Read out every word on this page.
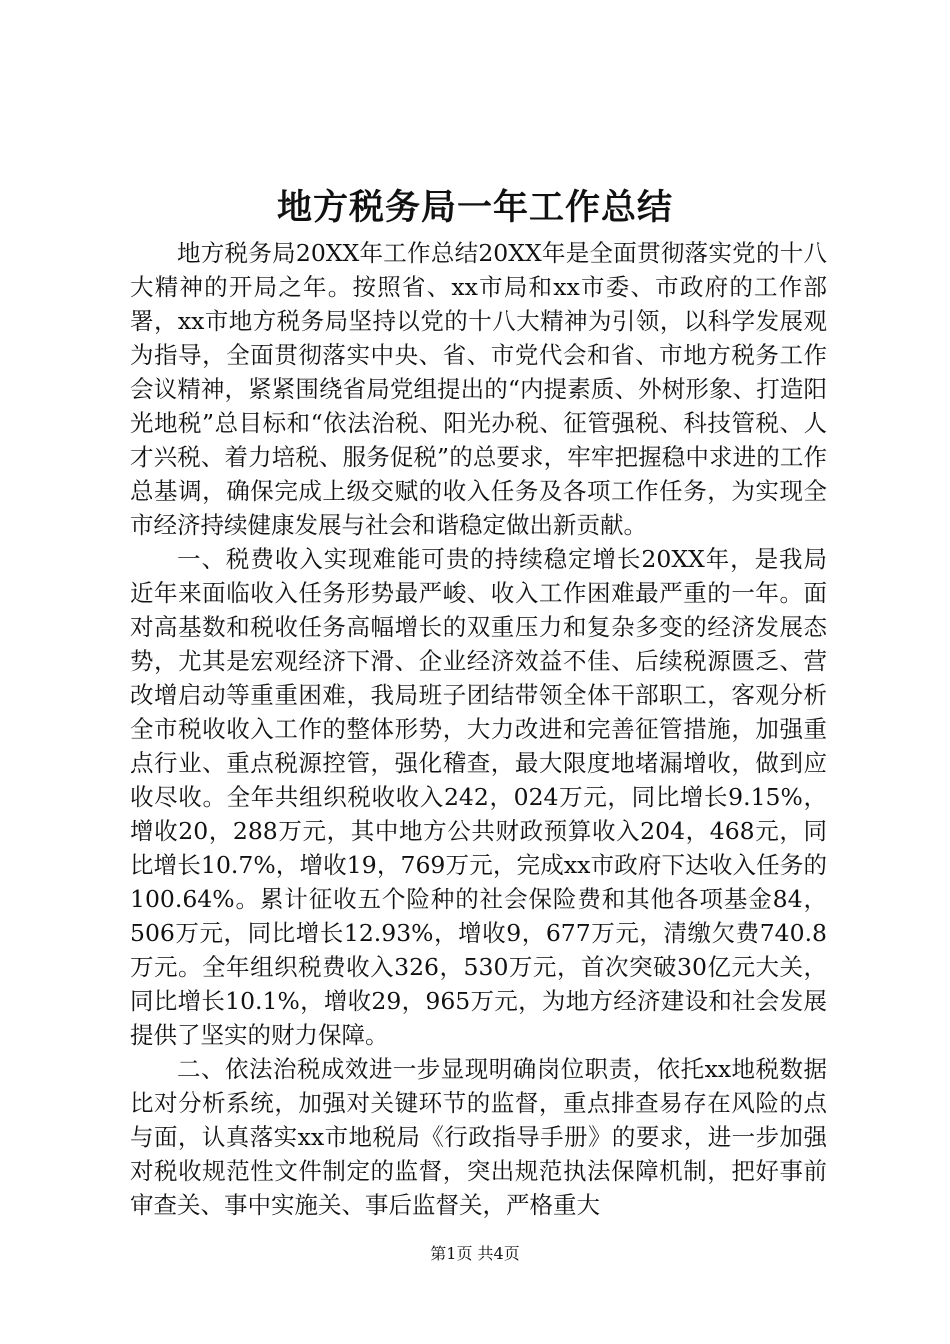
地方税务局一年工作总结

地方税务局20XX年工作总结20XX年是全面贯彻落实党的十八大精神的开局之年。按照省、xx市局和xx市委、市政府的工作部署，xx市地方税务局坚持以党的十八大精神为引领，以科学发展观为指导，全面贯彻落实中央、省、市党代会和省、市地方税务工作会议精神，紧紧围绕省局党组提出的“内提素质、外树形象、打造阳光地税”总目标和“依法治税、阳光办税、征管强税、科技管税、人才兴税、着力培税、服务促税”的总要求，牢牢把握稳中求进的工作总基调，确保完成上级交赋的收入任务及各项工作任务，为实现全市经济持续健康发展与社会和谐稳定做出新贡献。

一、税费收入实现难能可贵的持续稳定增长20XX年，是我局近年来面临收入任务形势最严峻、收入工作困难最严重的一年。面对高基数和税收任务高幅增长的双重压力和复杂多变的经济发展态势，尤其是宏观经济下滑、企业经济效益不佳、后续税源匮乏、营改增启动等重重困难，我局班子团结带领全体干部职工，客观分析全市税收收入工作的整体形势，大力改进和完善征管措施，加强重点行业、重点税源控管，强化稽查，最大限度地堵漏增收，做到应收尽收。全年共组织税收收入242，024万元，同比增长9.15%，增收20，288万元，其中地方公共财政预算收入204，468元，同比增长10.7%，增收19，769万元，完成xx市政府下达收入任务的100.64%。累计征收五个险种的社会保险费和其他各项基金84，506万元，同比增长12.93%，增收9，677万元，清缴欠费740.8万元。全年组织税费收入326，530万元，首次突破30亿元大关，同比增长10.1%，增收29，965万元，为地方经济建设和社会发展提供了坚实的财力保障。

二、依法治税成效进一步显现明确岗位职责，依托xx地税数据比对分析系统，加强对关键环节的监督，重点排查易存在风险的点与面，认真落实xx市地税局《行政指导手册》的要求，进一步加强对税收规范性文件制定的监督，突出规范执法保障机制，把好事前审查关、事中实施关、事后监督关，严格重大

第1页 共4页
